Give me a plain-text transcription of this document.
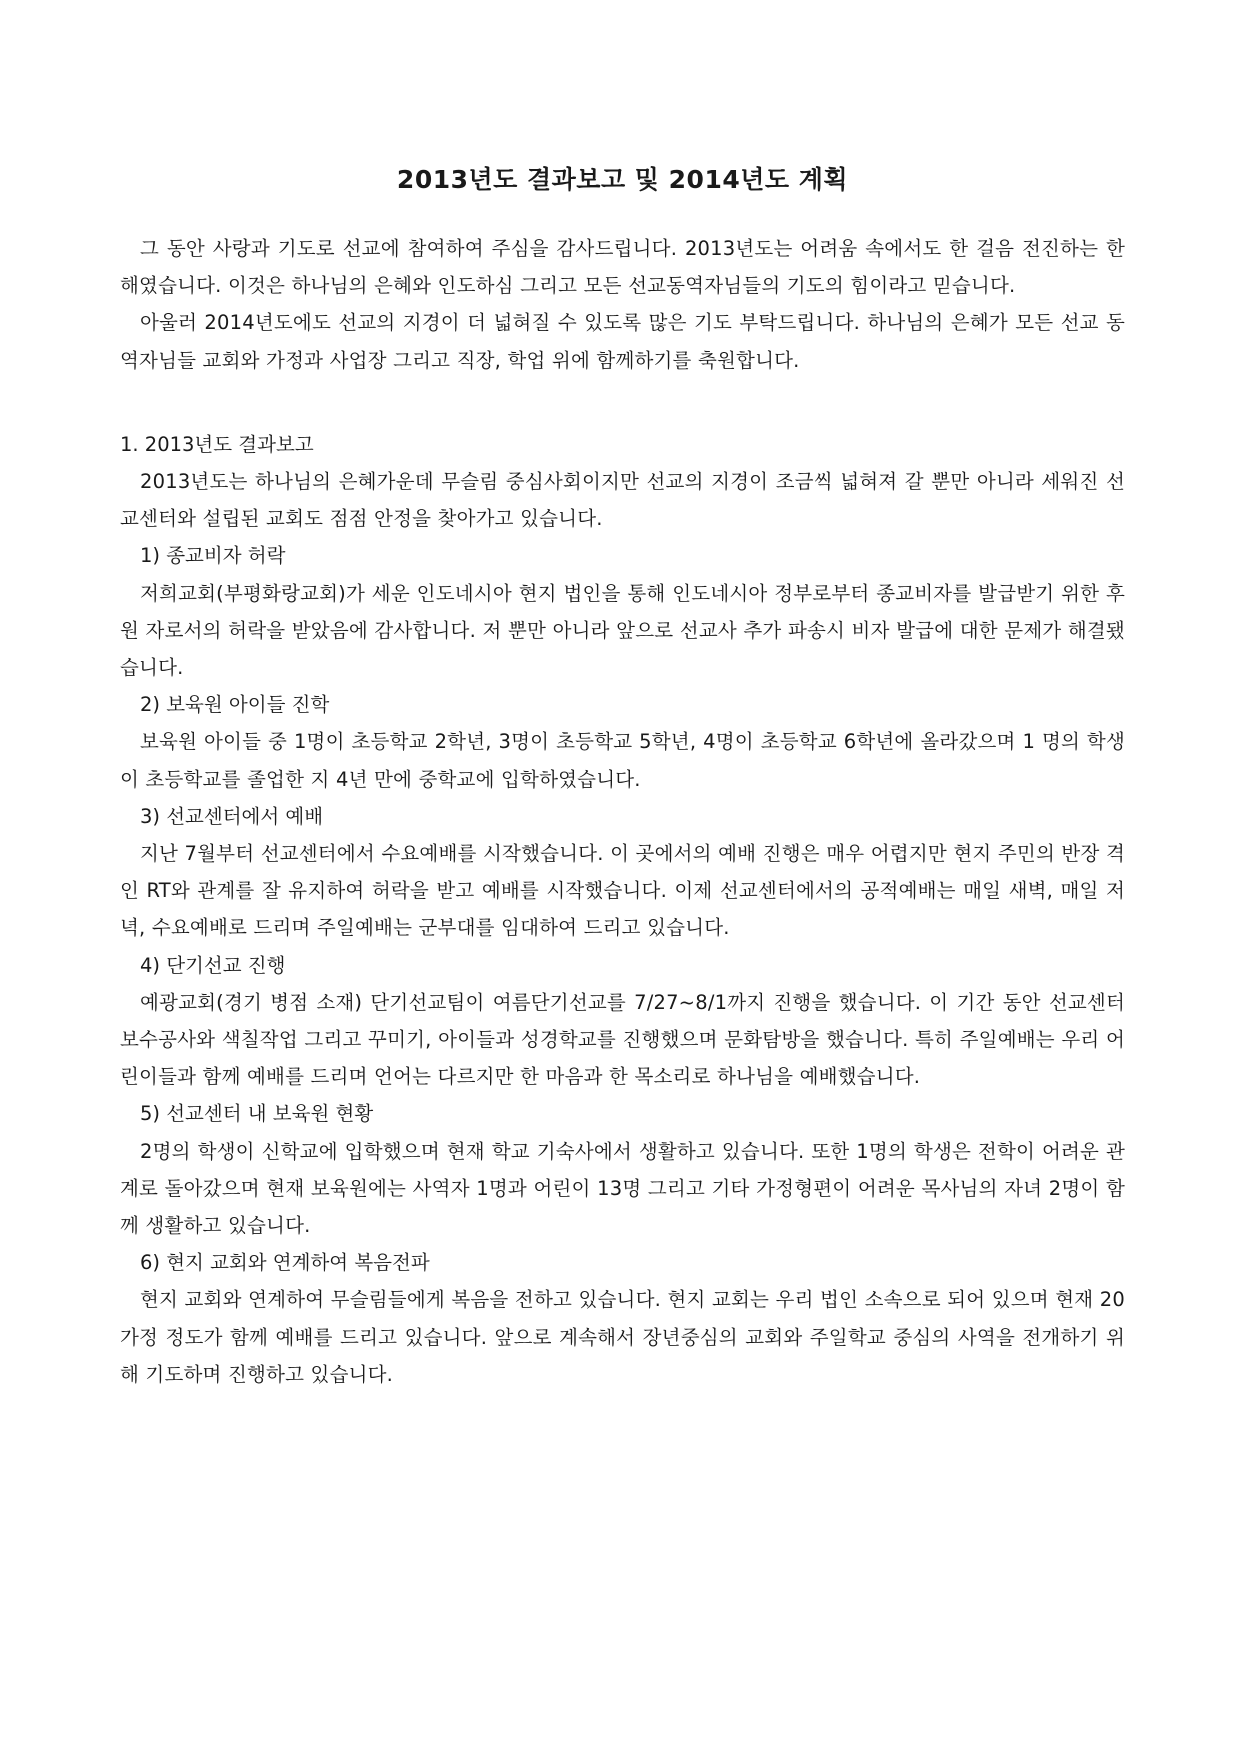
2013년도 결과보고 및 2014년도 계획

그 동안 사랑과 기도로 선교에 참여하여 주심을 감사드립니다. 2013년도는 어려움 속에서도 한 걸음 전진하는 한 해였습니다. 이것은 하나님의 은혜와 인도하심 그리고 모든 선교동역자님들의 기도의 힘이라고 믿습니다.

아울러 2014년도에도 선교의 지경이 더 넓혀질 수 있도록 많은 기도 부탁드립니다. 하나님의 은혜가 모든 선교 동역자님들 교회와 가정과 사업장 그리고 직장, 학업 위에 함께하기를 축원합니다.

1. 2013년도 결과보고

2013년도는 하나님의 은혜가운데 무슬림 중심사회이지만 선교의 지경이 조금씩 넓혀져 갈 뿐만 아니라 세워진 선교센터와 설립된 교회도 점점 안정을 찾아가고 있습니다.

1) 종교비자 허락

저희교회(부평화랑교회)가 세운 인도네시아 현지 법인을 통해 인도네시아 정부로부터 종교비자를 발급받기 위한 후원 자로서의 허락을 받았음에 감사합니다. 저 뿐만 아니라 앞으로 선교사 추가 파송시 비자 발급에 대한 문제가 해결됐습니다.

2) 보육원 아이들 진학

보육원 아이들 중 1명이 초등학교 2학년, 3명이 초등학교 5학년, 4명이 초등학교 6학년에 올라갔으며 1 명의 학생이 초등학교를 졸업한 지 4년 만에 중학교에 입학하였습니다.

3) 선교센터에서 예배

지난 7월부터 선교센터에서 수요예배를 시작했습니다. 이 곳에서의 예배 진행은 매우 어렵지만 현지 주민의 반장 격인 RT와 관계를 잘 유지하여 허락을 받고 예배를 시작했습니다. 이제 선교센터에서의 공적예배는 매일 새벽, 매일 저녁, 수요예배로 드리며 주일예배는 군부대를 임대하여 드리고 있습니다.

4) 단기선교 진행

예광교회(경기 병점 소재) 단기선교팀이 여름단기선교를 7/27~8/1까지 진행을 했습니다. 이 기간 동안 선교센터 보수공사와 색칠작업 그리고 꾸미기, 아이들과 성경학교를 진행했으며 문화탐방을 했습니다. 특히 주일예배는 우리 어린이들과 함께 예배를 드리며 언어는 다르지만 한 마음과 한 목소리로 하나님을 예배했습니다.

5) 선교센터 내 보육원 현황

2명의 학생이 신학교에 입학했으며 현재 학교 기숙사에서 생활하고 있습니다. 또한 1명의 학생은 전학이 어려운 관계로 돌아갔으며 현재 보육원에는 사역자 1명과 어린이 13명 그리고 기타 가정형편이 어려운 목사님의 자녀 2명이 함께 생활하고 있습니다.

6) 현지 교회와 연계하여 복음전파

현지 교회와 연계하여 무슬림들에게 복음을 전하고 있습니다. 현지 교회는 우리 법인 소속으로 되어 있으며 현재 20가정 정도가 함께 예배를 드리고 있습니다. 앞으로 계속해서 장년중심의 교회와 주일학교 중심의 사역을 전개하기 위해 기도하며 진행하고 있습니다.
